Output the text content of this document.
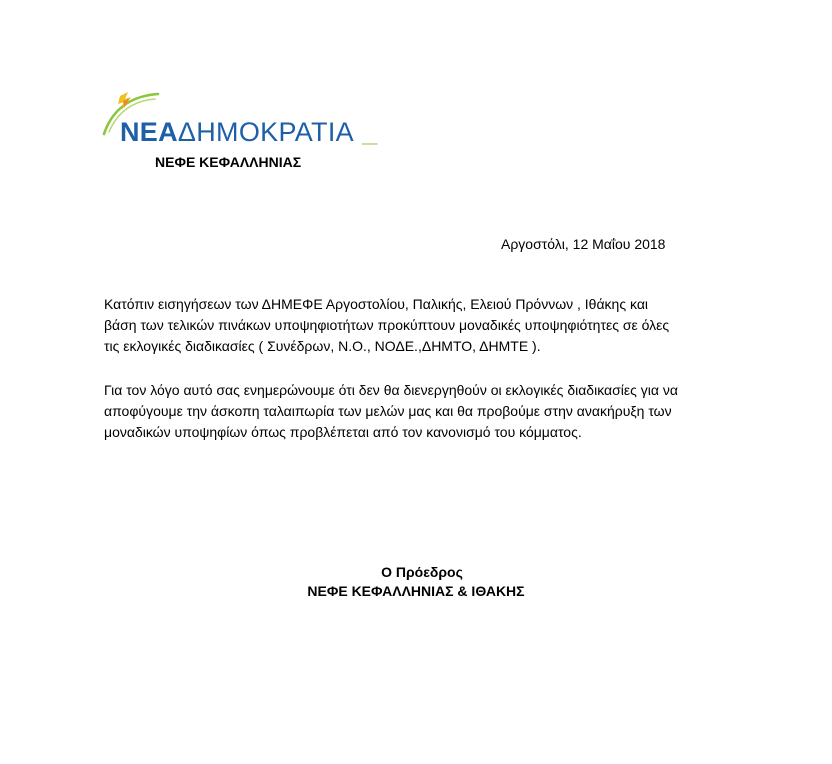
ΝΕΑΔΗΜΟΚΡΑΤΙΑ _
ΝΕΦΕ ΚΕΦΑΛΛΗΝΙΑΣ
Αργοστόλι, 12 Μαΐου 2018
Κατόπιν εισηγήσεων των ΔΗΜΕΦΕ Αργοστολίου, Παλικής, Ελειού Πρόννων , Ιθάκης και
βάση των τελικών πινάκων υποψηφιοτήτων προκύπτουν μοναδικές υποψηφιότητες σε όλες
τις εκλογικές διαδικασίες ( Συνέδρων, Ν.Ο., ΝΟΔΕ.,ΔΗΜΤΟ, ΔΗΜΤΕ ).
Για τον λόγο αυτό σας ενημερώνουμε ότι δεν θα διενεργηθούν οι εκλογικές διαδικασίες για να
αποφύγουμε την άσκοπη ταλαιπωρία των μελών μας και θα προβούμε στην ανακήρυξη των
μοναδικών υποψηφίων όπως προβλέπεται από τον κανονισμό του κόμματος.
Ο Πρόεδρος
ΝΕΦΕ ΚΕΦΑΛΛΗΝΙΑΣ & ΙΘΑΚΗΣ
